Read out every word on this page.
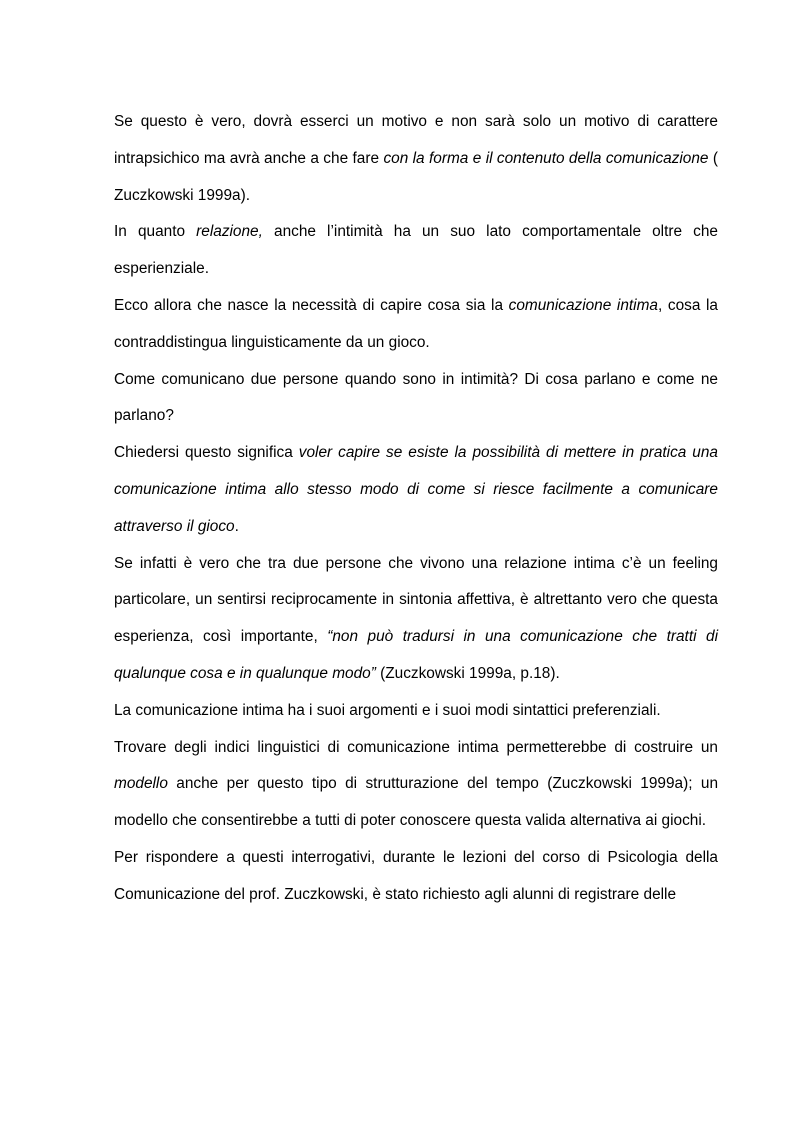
Se questo è vero, dovrà esserci un motivo e non sarà solo un motivo di carattere intrapsichico ma avrà anche a che fare con la forma e il contenuto della comunicazione ( Zuczkowski 1999a).

In quanto relazione, anche l’intimità ha un suo lato comportamentale oltre che esperienziale.

Ecco allora che nasce la necessità di capire cosa sia la comunicazione intima, cosa la contraddistingua linguisticamente da un gioco.

Come comunicano due persone quando sono in intimità? Di cosa parlano e come ne parlano?

Chiedersi questo significa voler capire se esiste la possibilità di mettere in pratica una comunicazione intima allo stesso modo di come si riesce facilmente a comunicare attraverso il gioco.

Se infatti è vero che tra due persone che vivono una relazione intima c’è un feeling particolare, un sentirsi reciprocamente in sintonia affettiva, è altrettanto vero che questa esperienza, così importante, “non può tradursi in una comunicazione che tratti di qualunque cosa e in qualunque modo” (Zuczkowski 1999a, p.18).

La comunicazione intima ha i suoi argomenti e i suoi modi sintattici preferenziali.

Trovare degli indici linguistici di comunicazione intima permetterebbe di costruire un modello anche per questo tipo di strutturazione del tempo (Zuczkowski 1999a); un modello che consentirebbe a tutti di poter conoscere questa valida alternativa ai giochi.

Per rispondere a questi interrogativi, durante le lezioni del corso di Psicologia della Comunicazione del prof. Zuczkowski, è stato richiesto agli alunni di registrare delle
